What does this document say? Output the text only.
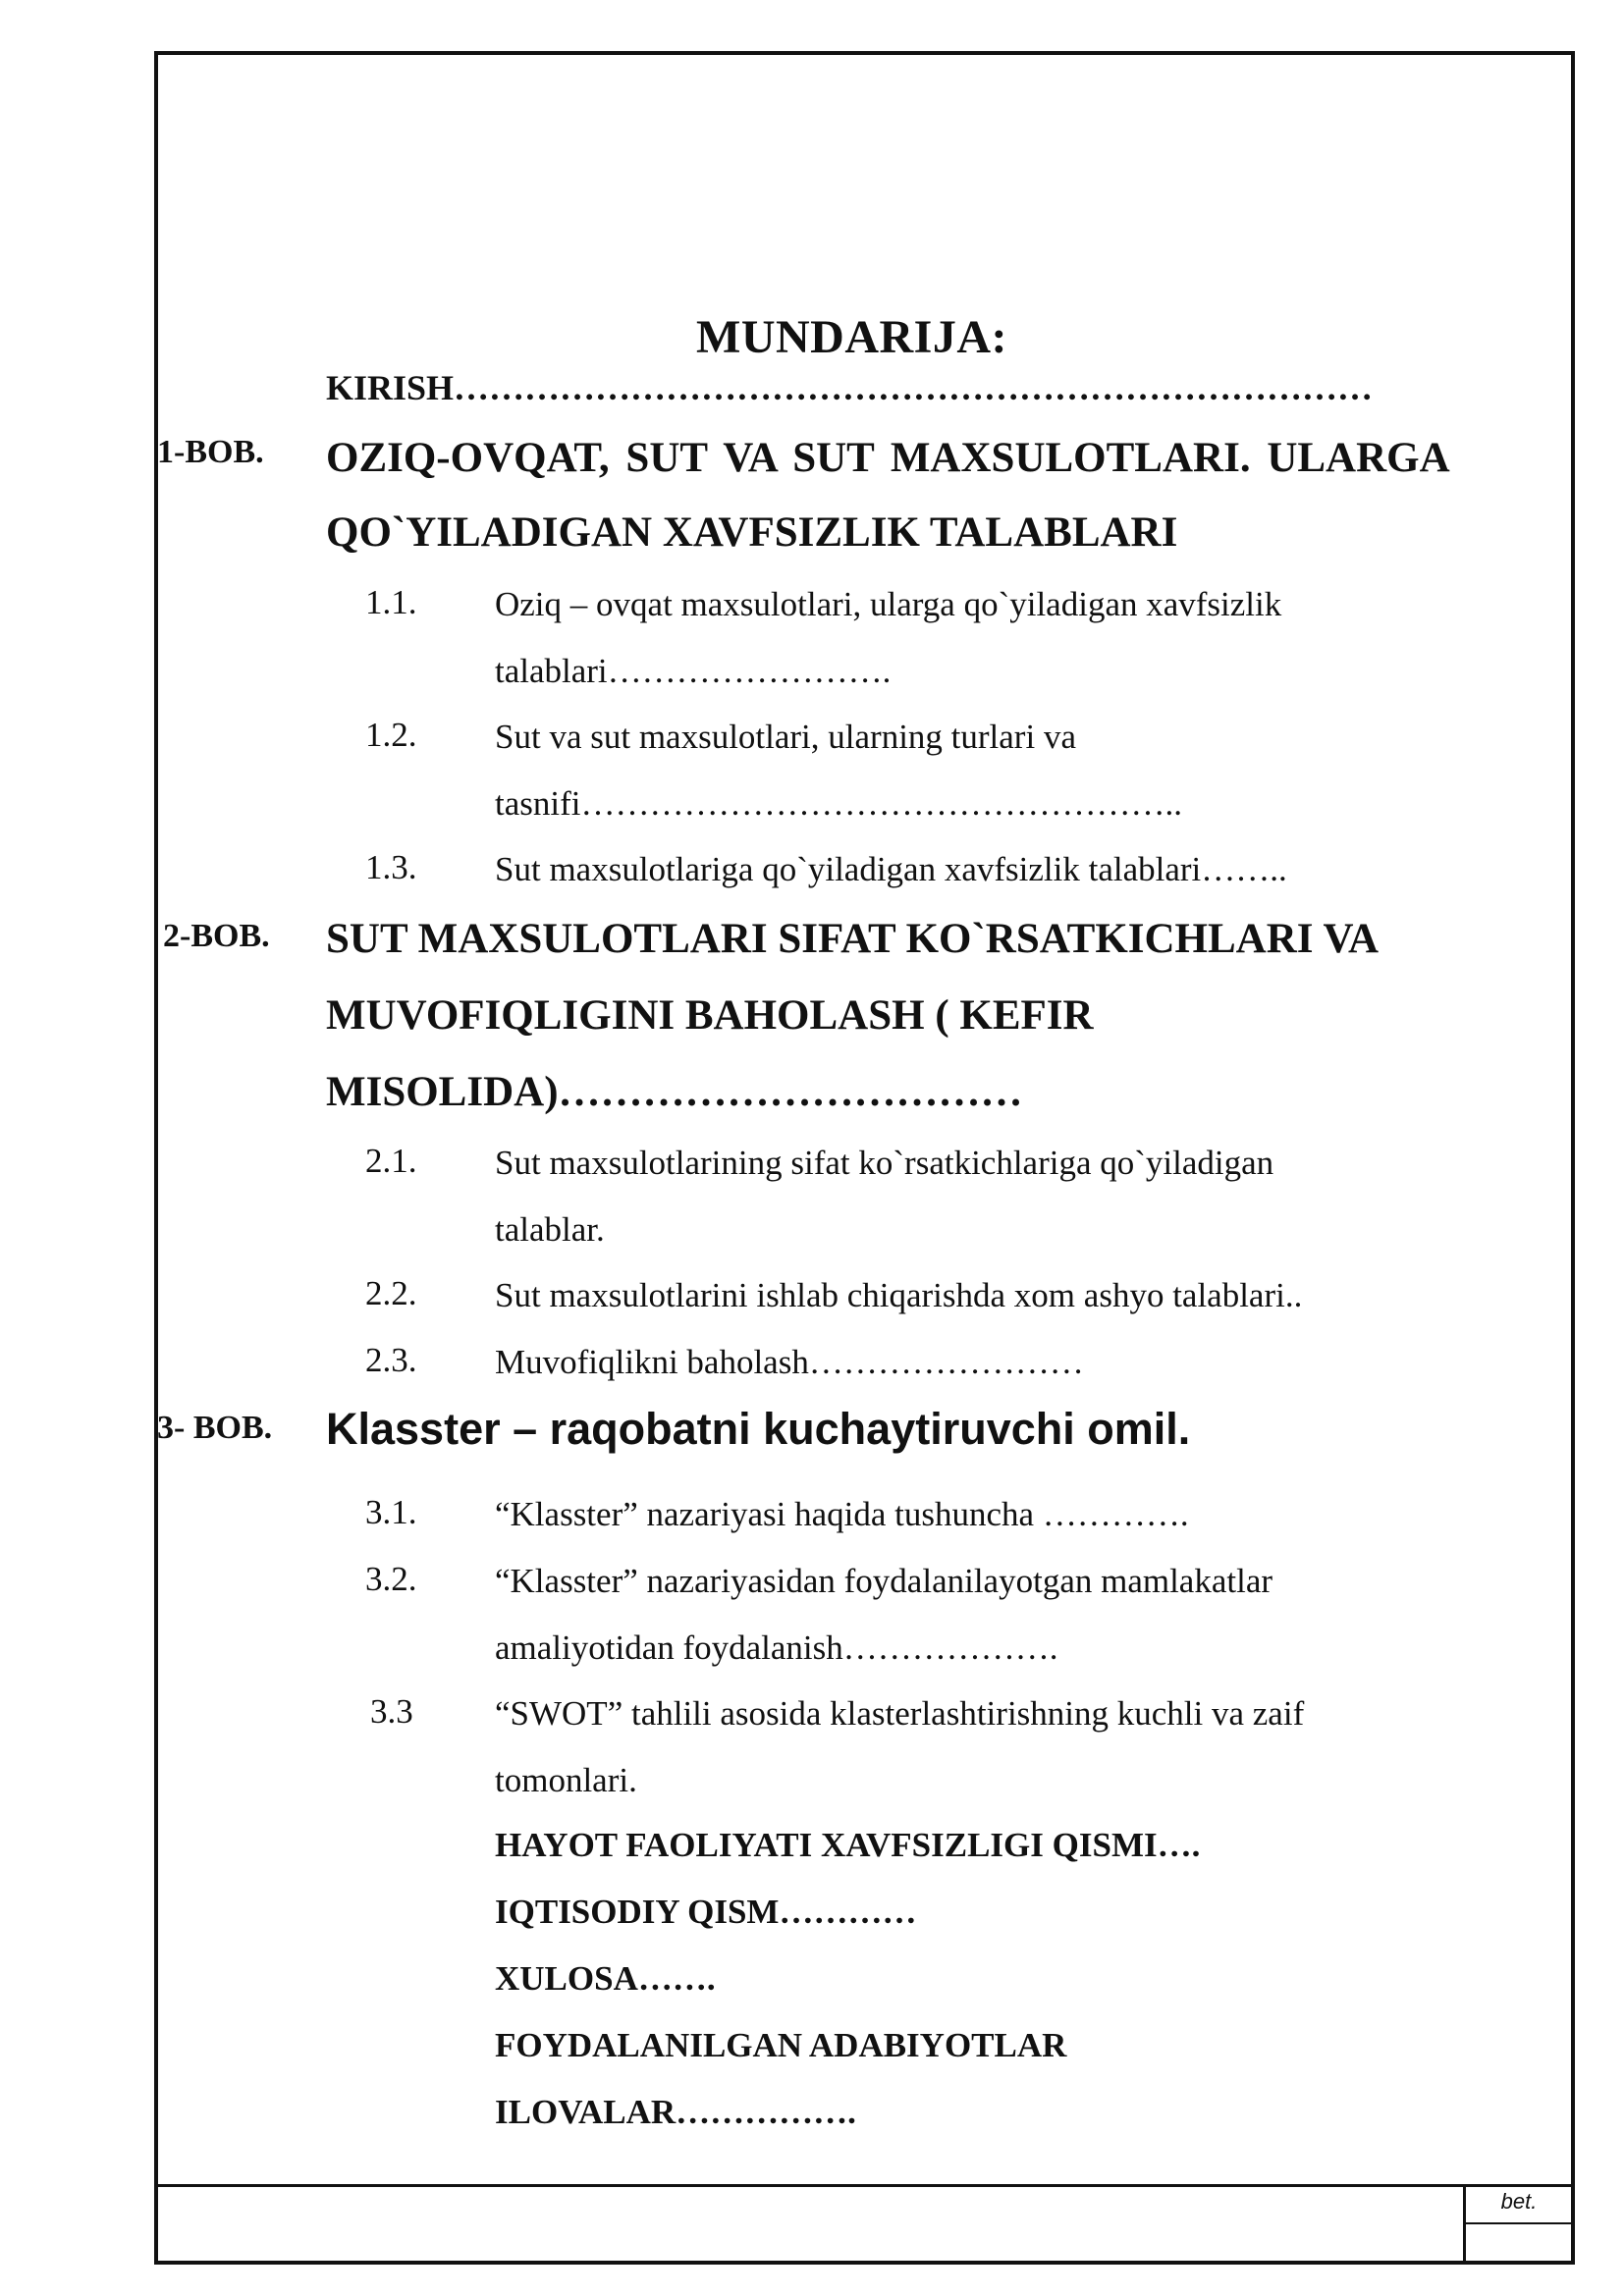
bet.
MUNDARIJA:
KIRISH……………………………………………………………………
1-BOB. OZIQ-OVQAT, SUT VA SUT MAXSULOTLARI. ULARGA
QO`YILADIGAN XAVFSIZLIK TALABLARI
1.1. Oziq – ovqat maxsulotlari, ularga qo`yiladigan xavfsizlik
talablari…………………….
1.2. Sut va sut maxsulotlari, ularning turlari va
tasnifi……………………………………………..
1.3. Sut maxsulotlariga qo`yiladigan xavfsizlik talablari……..
2-BOB. SUT MAXSULOTLARI SIFAT KO`RSATKICHLARI VA
MUVOFIQLIGINI BAHOLASH ( KEFIR
MISOLIDA)……………………………
2.1. Sut maxsulotlarining sifat ko`rsatkichlariga qo`yiladigan
talablar.
2.2. Sut maxsulotlarini ishlab chiqarishda xom ashyo talablari..
2.3. Muvofiqlikni baholash……………………
3- BOB. Klasster – raqobatni kuchaytiruvchi omil.
3.1. “Klasster” nazariyasi haqida tushuncha ………….
3.2. “Klasster” nazariyasidan foydalanilayotgan mamlakatlar
amaliyotidan foydalanish……………….
3.3 “SWOT” tahlili asosida klasterlashtirishning kuchli va zaif
tomonlari.
HAYOT FAOLIYATI XAVFSIZLIGI QISMI….
IQTISODIY QISM…………
XULOSA…….
FOYDALANILGAN ADABIYOTLAR
ILOVALAR…………….
